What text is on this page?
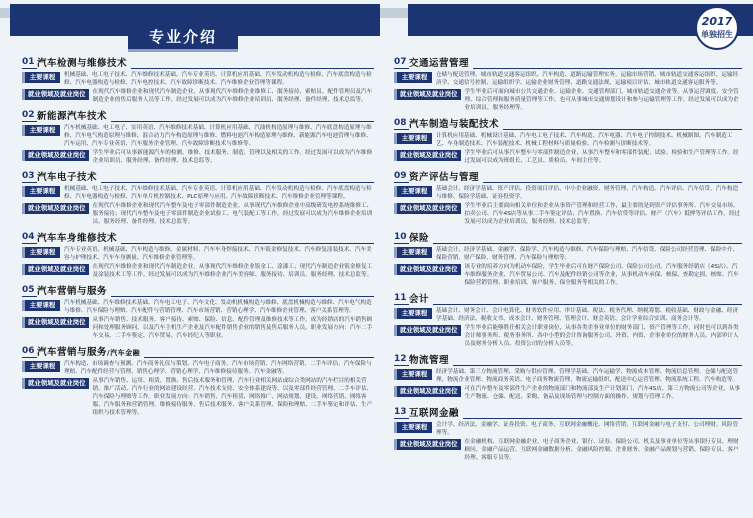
专业介绍
2017
单独招生
01 汽车检测与维修技术
主要课程	机械基础、电工电子技术、汽车维修技术基础、汽车专业英语、计算机应用基础、汽车发动机构造与检修、汽车底盘构造与检修、汽车电器构造与检修、汽车电控技术、汽车故障诊断技术、汽车维修企业管理等课程。
就业领域及就业岗位	在现代汽车维修企业和现代汽车制造企业，从事现代汽车维修企业维修工、服务接待、索赔员、配件管理员及汽车制造企业的售后服务人员等工作，经过发展可以成为汽车维修企业培训员、服务经理、备件经理、技术总监等。
02 新能源汽车技术
主要课程	汽车机械基础、电工电子、实用英语、汽车维修技术基础、计算机应用基础、汽油机构造原理与维修、汽车底盘构造原理与维修、汽车电气构造原理与维修、混合动力汽车构造原理与维修、燃料电池汽车构造原理与维修、新能源汽车电池管理与维修、汽车运用、汽车专业英语、汽车服务企业管理、汽车故障诊断技术与维修等。
就业领域及就业岗位	学生毕业后可从事新能源汽车的检测、维修、技术服务、制造、管理以及相关的工作。经过发展可以成为汽车维修企业培训员、服务经理、备件经理、技术总监等。
03 汽车电子技术
主要课程	机械基础、电工电子技术、汽车维修技术基础、汽车专业英语、计算机应用基础、汽车发动机构造与检修、汽车底盘构造与检修、汽车电器构造与检修、汽车单片机控制技术、PLC原理与应用、汽车故障诊断技术、汽车维修企业管理等课程。
就业领域及就业岗位	在现代汽车维修企业和现代汽车整车及电子零部件制造企业，从事现代汽车维修企业中高级研发电控系统维修工、服务接待；现代汽车整车及电子零部件制造企业试验工、电气装配工等工作。经过发展可以成为汽车维修企业培训员、服务经理、备件经理、技术总监等。
04 汽车车身维修技术
主要课程	汽车专业英语、机械基础、汽车构造与维修、金属材料、汽车车身焊接技术、汽车钣金修复技术、汽车修复涂装技术、汽车美容与护理技术、汽车车身测量、汽车维修企业管理等。
就业领域及就业岗位	在现代汽车维修企业和现代汽车制造企业，从事现代汽车维修企业钣金工、涂漆工；现代汽车制造企业钣金修复工及涂装技术工等工作。经过发展可以成为汽车维修企业汽车美容师、服务接待、培训员、服务经理、技术总监等。
05 汽车营销与服务
主要课程	汽车机械基础、汽车维修技术基础、汽车电工电子、汽车文化、发动机机械构造与维修、底盘机械构造与维修、汽车电气构造与维修、汽车保险与理赔、汽车配件与营销管理、汽车市场营销、营销心理学、汽车维修企业管理、客户关系管理等。
就业领域及就业岗位	从事汽车销售、技术服务、客户接待、索赔、保险、信息、配件管理及维修技术等工作，成为经销店的汽车销售顾问和处理服务顾问。以及汽车主机生产企业及汽车配件销售企业的销售及售后服务人员。职业发展方向：汽车二手车交易、二手车鉴定、汽车贸易、汽车经纪人等职业。
06 汽车营销与服务/汽车金融
主要课程	汽车构造、市场调查与预测、汽车商务礼仪与策划、汽车电子商务、汽车市场营销、汽车网络营销、二手车评估、汽车保险与理赔、汽车配件经营与管理、销售心理学、营销心理学、汽车维修接待服务、汽车金融等。
就业领域及就业岗位	从事汽车销售、运用、租赁、置换、售后技术服务和管理、汽车行业相关网站或综合类网站的汽车栏目的相关营销、推广活动、汽车行业的网站建设经营、汽车技术支持、安全体系建设等，以及零部件经营管理、二手车评估、汽车保险与理赔等工作。职业发展方向：汽车销售、汽车租赁、网络推广、网站规划、建设、网络营销、网络客服、汽车服务和营销管理、维修接待服务、售后技术服务、客户关系管理、保险和理赔、二手车鉴定和评估、生产组织与技术管理等。
07 交通运营管理
主要课程	仓储与配送管理、城市轨道交通客运组织、汽车构造、道路运输管理实务、运输市场营销、城市轨道交通客运组织、运输经济学、交通信号控制、运输组织学、运输企业财务管理、道路交通法规、运输项目评估、城市轨道交通客运服务等。
就业领域及就业岗位	学生毕业后可面向城市公共交通企业、运输企业、交通管理部门、城市轨道交通企业等，从事运营调度、安全管理、综合管理和服务质量管理等工作，也可从事城市交通规划设计和参与运输管理等工作。经过发展可以成为企业培训员、服务经理等。
08 汽车制造与装配技术
主要课程	计算机应用基础、机械设计基础、汽车电工电子技术、汽车构造、汽车电器、汽车电子控制技术、机械制图、汽车制造工艺、车身制造技术、汽车装配技术、机械工程材料与质量检验、汽车检测与诊断技术等。
就业领域及就业岗位	学生毕业后可从事汽车整车与零部件制造企业，从事汽车整车和零部件装配、试验、检验和生产管理等工作。经过发展可以成为班组长、工艺员、质检员、车间主任等。
09 资产评估与管理
主要课程	基础会计、经济学基础、资产评估、投资项目评估、中小企业融资、财务管理、汽车构造、汽车评估、汽车信贷、汽车构造与维修、保险学基础、证券投资学。
就业领域及就业岗位	学生毕业后主要面向相关单位和企业从事资产管理和经营工作，最主要的是到资产评估事务所、汽车交易市场、拍卖公司、汽车4S店等从事二手车鉴定评估、汽车置换、汽车信贷等评估、财产（汽车）抵押等评估工作，经过发展可以成为企业培训员、服务经理、技术总监等。
10 保险
主要课程	基础会计、经济学基础、金融学、保险学、汽车构造与维修、汽车保险与理赔、汽车信贷、保险公司经营管理、保险中介、保险营销、财产保险、财务管理、汽车保险与理赔等。
就业领域及就业岗位	该专业的培养方向为机动车保险，学生毕业后可在财产保险公司、保险公司公司、汽车服务经销店（4S店）、汽车维修服务企业、汽车贸易公司、汽车及配件经销公司等企业，从事机动车承保、核保、查勘定损、核赔、汽车保险营销管理、职业培训、客户服务、保全服务等相关的工作。
11 会计
主要课程	基础会计、财务会计、会计电算化、财务软件应用、审计基础、税法、税务代理、纳税筹划、税收基础、财政与金融、经济学基础、经济法、税收文书、成本会计、财务管理、管理会计、财会英语、会计学业综合实训、商务会计等。
就业领域及就业岗位	学生毕业后能够胜任相关会计职业岗位，从事各类企事业单位的财务部门、资产管理等工作，同时也可以到各类会计师事务所、税务事务所、各中小型的会计咨询服务公司、外资、内资、企事业单位的财务人员、内部审计人员及财务分析人员、投资公司的分析人员等。
12 物流管理
主要课程	经济学基础、第三方物流管理、采购与供应管理、管理学基础、汽车运输学、物流成本管理、物流信息管理、仓储与配送管理、物流企业管理、物流商务英语、电子商务物流管理、物流运输组织、配送中心运营管理、物流系统工程、汽车构造等。
就业领域及就业岗位	可在汽车整车及零部件生产企业的物流部门和物流部及生产计划部门，汽车4S店，第三方物流公司等企业，从事生产物流、仓储、配送、采购、备品及现场管理与控制方面的操作、规划与管理工作。
13 互联网金融
主要课程	会计学、经济法、金融学、证券投资、电子商务、互联网金融概论、网络营销、互联网金融与电子支付、公司理财、风险管理等。
就业领域及就业岗位	在金融机构、互联网金融企业、电子商务企业、银行、证券、保险公司、机关及事业单位等从事银行专员、理财顾问、金融产品运营、互联网金融数据分析、金融风险控制、企业财务、金融产品规划与营销、保险专员、客户经理、客服专员等。
